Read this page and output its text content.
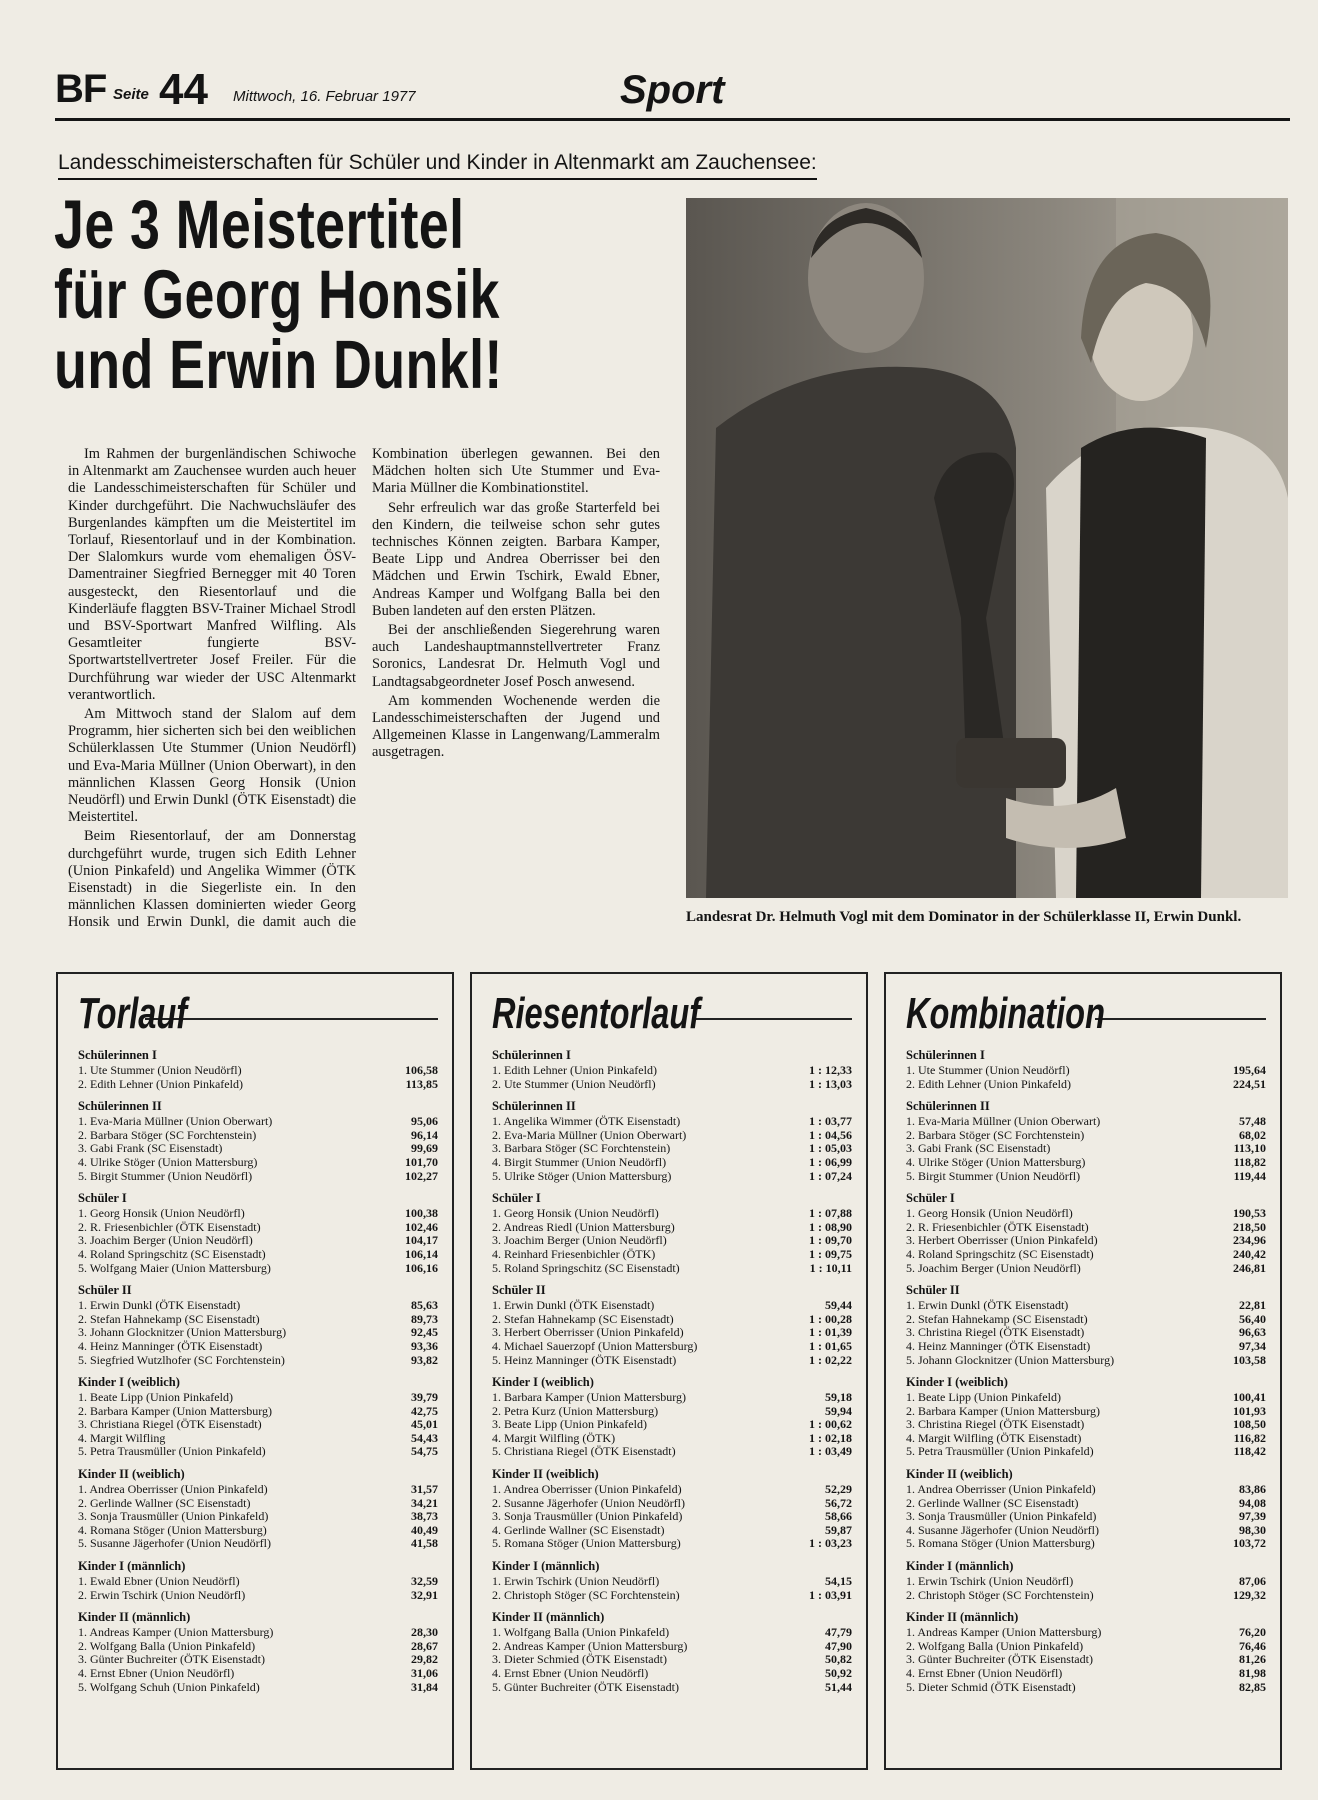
BF Seite 44 Mittwoch, 16. Februar 1977	Sport
Landesschimeisterschaften für Schüler und Kinder in Altenmarkt am Zauchensee:
Je 3 Meistertitel
für Georg Honsik
und Erwin Dunkl!

Im Rahmen der burgenländischen Schiwoche in Altenmarkt am Zauchensee wurden auch heuer die Landesschimeisterschaften für Schüler und Kinder durchgeführt. Die Nachwuchsläufer des Burgenlandes kämpften um die Meistertitel im Torlauf, Riesentorlauf und in der Kombination. Der Slalomkurs wurde vom ehemaligen ÖSV-Damentrainer Siegfried Bernegger mit 40 Toren ausgesteckt, den Riesentorlauf und die Kinderläufe flaggten BSV-Trainer Michael Strodl und BSV-Sportwart Manfred Wilfling. Als Gesamtleiter fungierte BSV-Sportwartstellvertreter Josef Freiler. Für die Durchführung war wieder der USC Altenmarkt verantwortlich.

Am Mittwoch stand der Slalom auf dem Programm, hier sicherten sich bei den weiblichen Schülerklassen Ute Stummer (Union Neudörfl) und Eva-Maria Müllner (Union Oberwart), in den männlichen Klassen Georg Honsik (Union Neudörfl) und Erwin Dunkl (ÖTK Eisenstadt) die Meistertitel.

Beim Riesentorlauf, der am Donnerstag durchgeführt wurde, trugen sich Edith Lehner (Union Pinkafeld) und Angelika Wimmer (ÖTK Eisenstadt) in die Siegerliste ein. In den männlichen Klassen dominierten wieder Georg Honsik und Erwin Dunkl, die damit auch die Kombination überlegen gewannen. Bei den Mädchen holten sich Ute Stummer und Eva-Maria Müllner die Kombinationstitel.

Sehr erfreulich war das große Starterfeld bei den Kindern, die teilweise schon sehr gutes technisches Können zeigten. Barbara Kamper, Beate Lipp und Andrea Oberrisser bei den Mädchen und Erwin Tschirk, Ewald Ebner, Andreas Kamper und Wolfgang Balla bei den Buben landeten auf den ersten Plätzen.

Bei der anschließenden Siegerehrung waren auch Landeshauptmannstellvertreter Franz Soronics, Landesrat Dr. Helmuth Vogl und Landtagsabgeordneter Josef Posch anwesend.

Am kommenden Wochenende werden die Landesschimeisterschaften der Jugend und Allgemeinen Klasse in Langenwang/Lammeralm ausgetragen.

Landesrat Dr. Helmuth Vogl mit dem Dominator in der Schülerklasse II, Erwin Dunkl.
Torlauf
Schülerinnen I
1. Ute Stummer (Union Neudörfl)	106,58
2. Edith Lehner (Union Pinkafeld)	113,85
Schülerinnen II
1. Eva-Maria Müllner (Union Oberwart)	95,06
2. Barbara Stöger (SC Forchtenstein)	96,14
3. Gabi Frank (SC Eisenstadt)	99,69
4. Ulrike Stöger (Union Mattersburg)	101,70
5. Birgit Stummer (Union Neudörfl)	102,27
Schüler I
1. Georg Honsik (Union Neudörfl)	100,38
2. R. Friesenbichler (ÖTK Eisenstadt)	102,46
3. Joachim Berger (Union Neudörfl)	104,17
4. Roland Springschitz (SC Eisenstadt)	106,14
5. Wolfgang Maier (Union Mattersburg)	106,16
Schüler II
1. Erwin Dunkl (ÖTK Eisenstadt)	85,63
2. Stefan Hahnekamp (SC Eisenstadt)	89,73
3. Johann Glocknitzer (Union Mattersburg)	92,45
4. Heinz Manninger (ÖTK Eisenstadt)	93,36
5. Siegfried Wutzlhofer (SC Forchtenstein)	93,82
Kinder I (weiblich)
1. Beate Lipp (Union Pinkafeld)	39,79
2. Barbara Kamper (Union Mattersburg)	42,75
3. Christiana Riegel (ÖTK Eisenstadt)	45,01
4. Margit Wilfling	54,43
5. Petra Trausmüller (Union Pinkafeld)	54,75
Kinder II (weiblich)
1. Andrea Oberrisser (Union Pinkafeld)	31,57
2. Gerlinde Wallner (SC Eisenstadt)	34,21
3. Sonja Trausmüller (Union Pinkafeld)	38,73
4. Romana Stöger (Union Mattersburg)	40,49
5. Susanne Jägerhofer (Union Neudörfl)	41,58
Kinder I (männlich)
1. Ewald Ebner (Union Neudörfl)	32,59
2. Erwin Tschirk (Union Neudörfl)	32,91
Kinder II (männlich)
1. Andreas Kamper (Union Mattersburg)	28,30
2. Wolfgang Balla (Union Pinkafeld)	28,67
3. Günter Buchreiter (ÖTK Eisenstadt)	29,82
4. Ernst Ebner (Union Neudörfl)	31,06
5. Wolfgang Schuh (Union Pinkafeld)	31,84
Riesentorlauf
Schülerinnen I
1. Edith Lehner (Union Pinkafeld)	1 : 12,33
2. Ute Stummer (Union Neudörfl)	1 : 13,03
Schülerinnen II
1. Angelika Wimmer (ÖTK Eisenstadt)	1 : 03,77
2. Eva-Maria Müllner (Union Oberwart)	1 : 04,56
3. Barbara Stöger (SC Forchtenstein)	1 : 05,03
4. Birgit Stummer (Union Neudörfl)	1 : 06,99
5. Ulrike Stöger (Union Mattersburg)	1 : 07,24
Schüler I
1. Georg Honsik (Union Neudörfl)	1 : 07,88
2. Andreas Riedl (Union Mattersburg)	1 : 08,90
3. Joachim Berger (Union Neudörfl)	1 : 09,70
4. Reinhard Friesenbichler (ÖTK)	1 : 09,75
5. Roland Springschitz (SC Eisenstadt)	1 : 10,11
Schüler II
1. Erwin Dunkl (ÖTK Eisenstadt)	59,44
2. Stefan Hahnekamp (SC Eisenstadt)	1 : 00,28
3. Herbert Oberrisser (Union Pinkafeld)	1 : 01,39
4. Michael Sauerzopf (Union Mattersburg)	1 : 01,65
5. Heinz Manninger (ÖTK Eisenstadt)	1 : 02,22
Kinder I (weiblich)
1. Barbara Kamper (Union Mattersburg)	59,18
2. Petra Kurz (Union Mattersburg)	59,94
3. Beate Lipp (Union Pinkafeld)	1 : 00,62
4. Margit Wilfling (ÖTK)	1 : 02,18
5. Christiana Riegel (ÖTK Eisenstadt)	1 : 03,49
Kinder II (weiblich)
1. Andrea Oberrisser (Union Pinkafeld)	52,29
2. Susanne Jägerhofer (Union Neudörfl)	56,72
3. Sonja Trausmüller (Union Pinkafeld)	58,66
4. Gerlinde Wallner (SC Eisenstadt)	59,87
5. Romana Stöger (Union Mattersburg)	1 : 03,23
Kinder I (männlich)
1. Erwin Tschirk (Union Neudörfl)	54,15
2. Christoph Stöger (SC Forchtenstein)	1 : 03,91
Kinder II (männlich)
1. Wolfgang Balla (Union Pinkafeld)	47,79
2. Andreas Kamper (Union Mattersburg)	47,90
3. Dieter Schmied (ÖTK Eisenstadt)	50,82
4. Ernst Ebner (Union Neudörfl)	50,92
5. Günter Buchreiter (ÖTK Eisenstadt)	51,44
Kombination
Schülerinnen I
1. Ute Stummer (Union Neudörfl)	195,64
2. Edith Lehner (Union Pinkafeld)	224,51
Schülerinnen II
1. Eva-Maria Müllner (Union Oberwart)	57,48
2. Barbara Stöger (SC Forchtenstein)	68,02
3. Gabi Frank (SC Eisenstadt)	113,10
4. Ulrike Stöger (Union Mattersburg)	118,82
5. Birgit Stummer (Union Neudörfl)	119,44
Schüler I
1. Georg Honsik (Union Neudörfl)	190,53
2. R. Friesenbichler (ÖTK Eisenstadt)	218,50
3. Herbert Oberrisser (Union Pinkafeld)	234,96
4. Roland Springschitz (SC Eisenstadt)	240,42
5. Joachim Berger (Union Neudörfl)	246,81
Schüler II
1. Erwin Dunkl (ÖTK Eisenstadt)	22,81
2. Stefan Hahnekamp (SC Eisenstadt)	56,40
3. Christina Riegel (ÖTK Eisenstadt)	96,63
4. Heinz Manninger (ÖTK Eisenstadt)	97,34
5. Johann Glocknitzer (Union Mattersburg)	103,58
Kinder I (weiblich)
1. Beate Lipp (Union Pinkafeld)	100,41
2. Barbara Kamper (Union Mattersburg)	101,93
3. Christina Riegel (ÖTK Eisenstadt)	108,50
4. Margit Wilfling (ÖTK Eisenstadt)	116,82
5. Petra Trausmüller (Union Pinkafeld)	118,42
Kinder II (weiblich)
1. Andrea Oberrisser (Union Pinkafeld)	83,86
2. Gerlinde Wallner (SC Eisenstadt)	94,08
3. Sonja Trausmüller (Union Pinkafeld)	97,39
4. Susanne Jägerhofer (Union Neudörfl)	98,30
5. Romana Stöger (Union Mattersburg)	103,72
Kinder I (männlich)
1. Erwin Tschirk (Union Neudörfl)	87,06
2. Christoph Stöger (SC Forchtenstein)	129,32
Kinder II (männlich)
1. Andreas Kamper (Union Mattersburg)	76,20
2. Wolfgang Balla (Union Pinkafeld)	76,46
3. Günter Buchreiter (ÖTK Eisenstadt)	81,26
4. Ernst Ebner (Union Neudörfl)	81,98
5. Dieter Schmid (ÖTK Eisenstadt)	82,85
